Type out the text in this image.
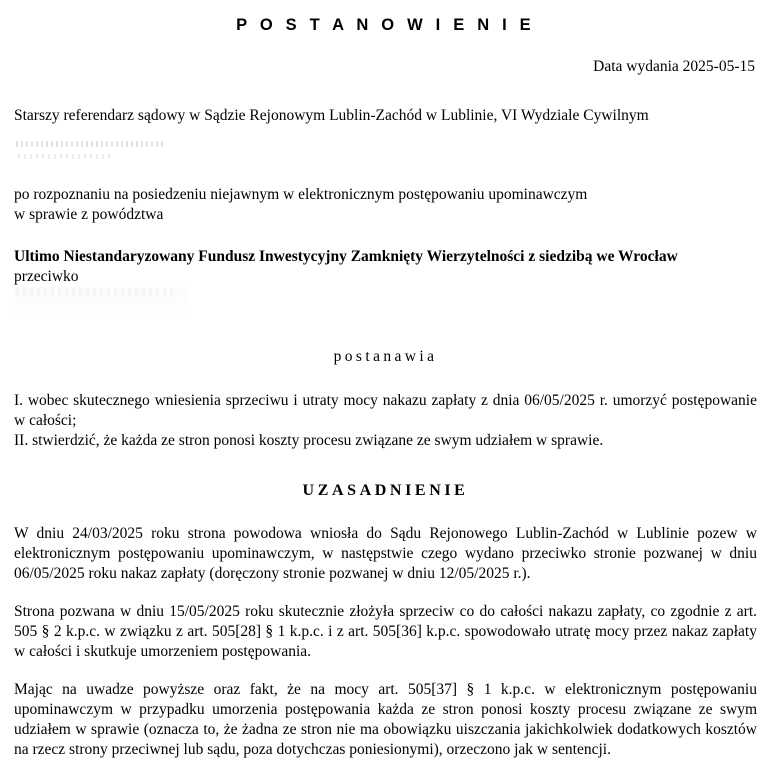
P O S T A N O W I E N I E
Data wydania 2025-05-15
Starszy referendarz sądowy w Sądzie Rejonowym Lublin-Zachód w Lublinie, VI Wydziale Cywilnym
po rozpoznaniu na posiedzeniu niejawnym w elektronicznym postępowaniu upominawczym
w sprawie z powództwa
Ultimo Niestandaryzowany Fundusz Inwestycyjny Zamknięty Wierzytelności z siedzibą we Wrocław
przeciwko
postanawia
I. wobec skutecznego wniesienia sprzeciwu i utraty mocy nakazu zapłaty z dnia 06/05/2025 r. umorzyć postępowanie w całości;
II. stwierdzić, że każda ze stron ponosi koszty procesu związane ze swym udziałem w sprawie.
UZASADNIENIE
W dniu 24/03/2025 roku strona powodowa wniosła do Sądu Rejonowego Lublin-Zachód w Lublinie pozew w elektronicznym postępowaniu upominawczym, w następstwie czego wydano przeciwko stronie pozwanej w dniu 06/05/2025 roku nakaz zapłaty (doręczony stronie pozwanej w dniu 12/05/2025 r.).
Strona pozwana w dniu 15/05/2025 roku skutecznie złożyła sprzeciw co do całości nakazu zapłaty, co zgodnie z art. 505 § 2 k.p.c. w związku z art. 505[28] § 1 k.p.c. i z art. 505[36] k.p.c. spowodowało utratę mocy przez nakaz zapłaty w całości i skutkuje umorzeniem postępowania.
Mając na uwadze powyższe oraz fakt, że na mocy art. 505[37] § 1 k.p.c. w elektronicznym postępowaniu upominawczym w przypadku umorzenia postępowania każda ze stron ponosi koszty procesu związane ze swym udziałem w sprawie (oznacza to, że żadna ze stron nie ma obowiązku uiszczania jakichkolwiek dodatkowych kosztów na rzecz strony przeciwnej lub sądu, poza dotychczas poniesionymi), orzeczono jak w sentencji.
